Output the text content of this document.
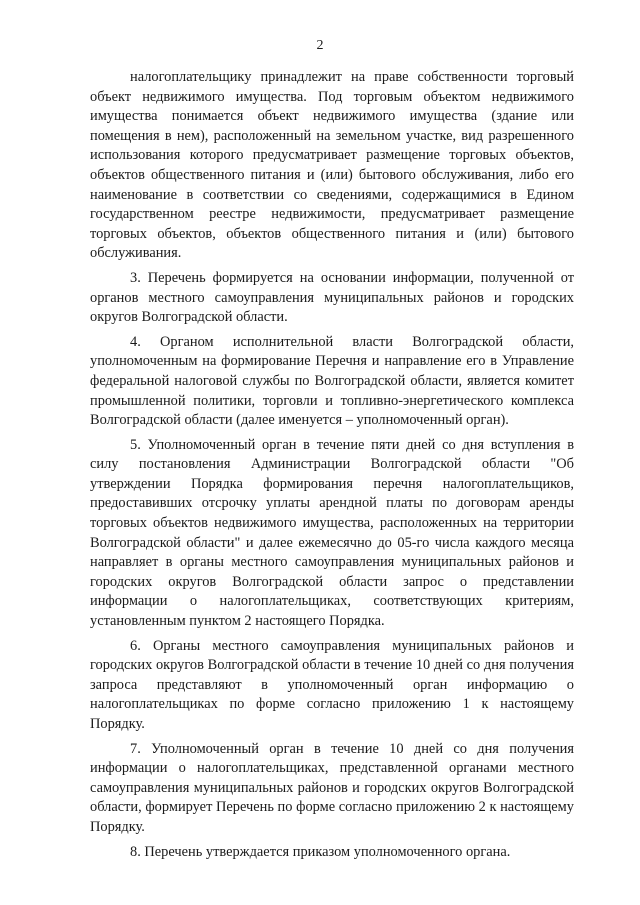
2

налогоплательщику принадлежит на праве собственности торговый объект недвижимого имущества. Под торговым объектом недвижимого имущества понимается объект недвижимого имущества (здание или помещения в нем), расположенный на земельном участке, вид разрешенного использования которого предусматривает размещение торговых объектов, объектов общественного питания и (или) бытового обслуживания, либо его наименование в соответствии со сведениями, содержащимися в Едином государственном реестре недвижимости, предусматривает размещение торговых объектов, объектов общественного питания и (или) бытового обслуживания.

3. Перечень формируется на основании информации, полученной от органов местного самоуправления муниципальных районов и городских округов Волгоградской области.

4. Органом исполнительной власти Волгоградской области, уполномоченным на формирование Перечня и направление его в Управление федеральной налоговой службы по Волгоградской области, является комитет промышленной политики, торговли и топливно-энергетического комплекса Волгоградской области (далее именуется – уполномоченный орган).

5. Уполномоченный орган в течение пяти дней со дня вступления в силу постановления Администрации Волгоградской области "Об утверждении Порядка формирования перечня налогоплательщиков, предоставивших отсрочку уплаты арендной платы по договорам аренды торговых объектов недвижимого имущества, расположенных на территории Волгоградской области" и далее ежемесячно до 05-го числа каждого месяца направляет в органы местного самоуправления муниципальных районов и городских округов Волгоградской области запрос о представлении информации о налогоплательщиках, соответствующих критериям, установленным пунктом 2 настоящего Порядка.

6. Органы местного самоуправления муниципальных районов и городских округов Волгоградской области в течение 10 дней со дня получения запроса представляют в уполномоченный орган информацию о налогоплательщиках по форме согласно приложению 1 к настоящему Порядку.

7. Уполномоченный орган в течение 10 дней со дня получения информации о налогоплательщиках, представленной органами местного самоуправления муниципальных районов и городских округов Волгоградской области, формирует Перечень по форме согласно приложению 2 к настоящему Порядку.

8. Перечень утверждается приказом уполномоченного органа.
